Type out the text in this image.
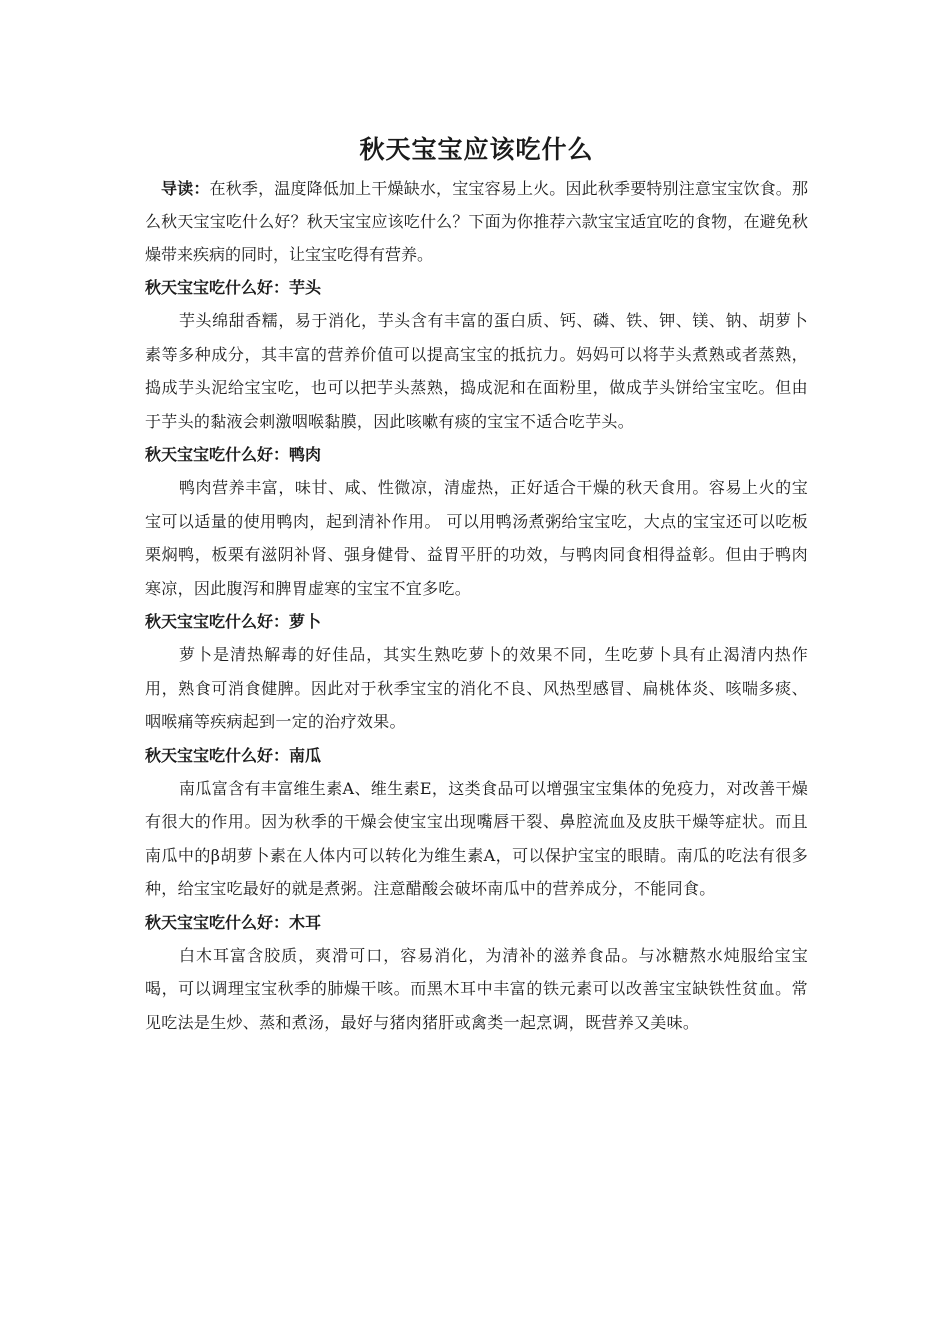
秋天宝宝应该吃什么

导读：在秋季，温度降低加上干燥缺水，宝宝容易上火。因此秋季要特别注意宝宝饮食。那么秋天宝宝吃什么好？秋天宝宝应该吃什么？下面为你推荐六款宝宝适宜吃的食物，在避免秋燥带来疾病的同时，让宝宝吃得有营养。

秋天宝宝吃什么好：芋头

芋头绵甜香糯，易于消化，芋头含有丰富的蛋白质、钙、磷、铁、钾、镁、钠、胡萝卜素等多种成分，其丰富的营养价值可以提高宝宝的抵抗力。妈妈可以将芋头煮熟或者蒸熟，捣成芋头泥给宝宝吃，也可以把芋头蒸熟，捣成泥和在面粉里，做成芋头饼给宝宝吃。但由于芋头的黏液会刺激咽喉黏膜，因此咳嗽有痰的宝宝不适合吃芋头。

秋天宝宝吃什么好：鸭肉

鸭肉营养丰富，味甘、咸、性微凉，清虚热，正好适合干燥的秋天食用。容易上火的宝宝可以适量的使用鸭肉，起到清补作用。 可以用鸭汤煮粥给宝宝吃，大点的宝宝还可以吃板栗焖鸭，板栗有滋阴补肾、强身健骨、益胃平肝的功效，与鸭肉同食相得益彰。但由于鸭肉寒凉，因此腹泻和脾胃虚寒的宝宝不宜多吃。

秋天宝宝吃什么好：萝卜

萝卜是清热解毒的好佳品，其实生熟吃萝卜的效果不同，生吃萝卜具有止渴清内热作用，熟食可消食健脾。因此对于秋季宝宝的消化不良、风热型感冒、扁桃体炎、咳喘多痰、咽喉痛等疾病起到一定的治疗效果。

秋天宝宝吃什么好：南瓜

南瓜富含有丰富维生素A、维生素E，这类食品可以增强宝宝集体的免疫力，对改善干燥有很大的作用。因为秋季的干燥会使宝宝出现嘴唇干裂、鼻腔流血及皮肤干燥等症状。而且南瓜中的β胡萝卜素在人体内可以转化为维生素A，可以保护宝宝的眼睛。南瓜的吃法有很多种，给宝宝吃最好的就是煮粥。注意醋酸会破坏南瓜中的营养成分，不能同食。

秋天宝宝吃什么好：木耳

白木耳富含胶质，爽滑可口，容易消化，为清补的滋养食品。与冰糖熬水炖服给宝宝喝，可以调理宝宝秋季的肺燥干咳。而黑木耳中丰富的铁元素可以改善宝宝缺铁性贫血。常见吃法是生炒、蒸和煮汤，最好与猪肉猪肝或禽类一起烹调，既营养又美味。
